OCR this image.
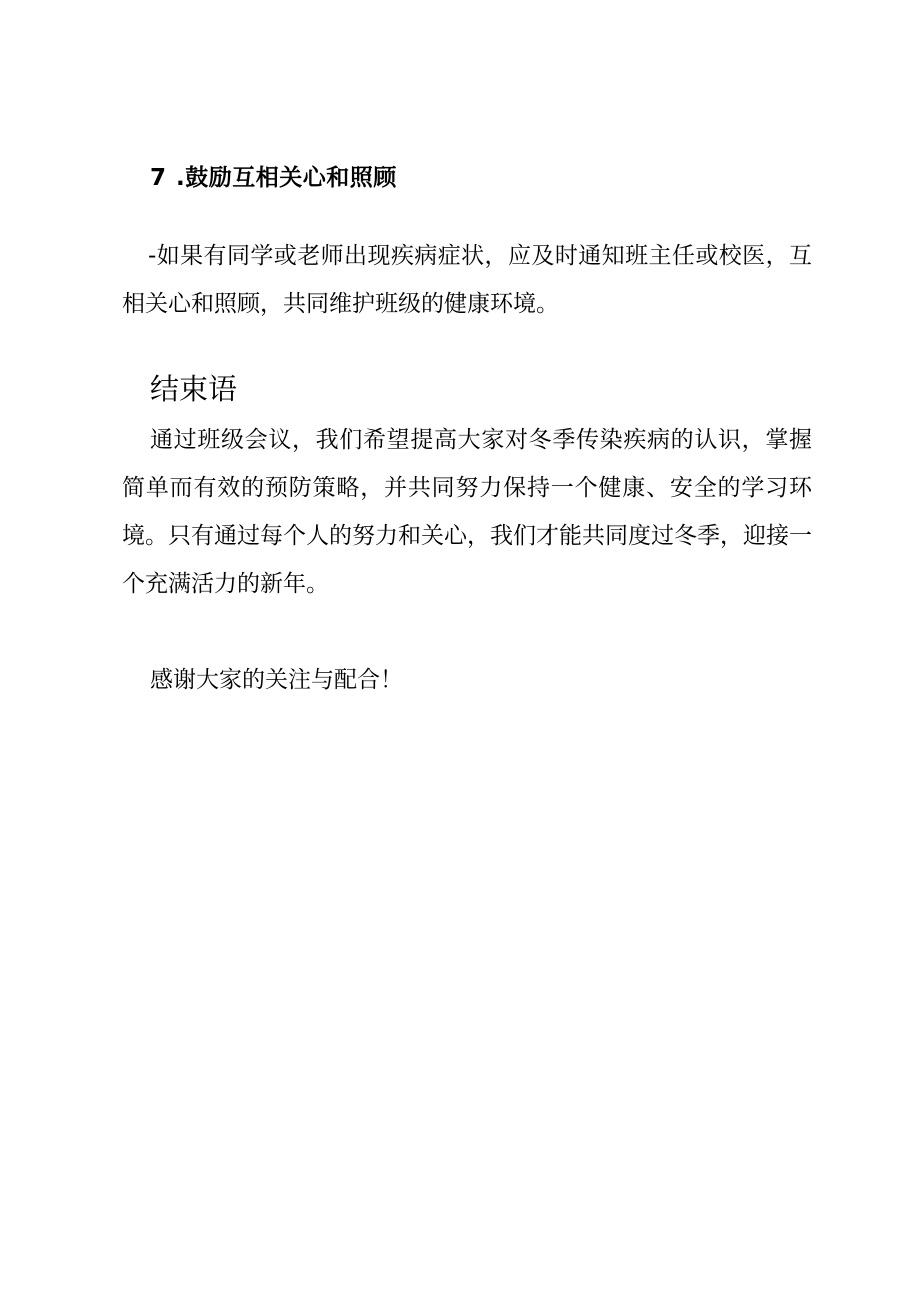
7 .鼓励互相关心和照顾

-如果有同学或老师出现疾病症状，应及时通知班主任或校医，互相关心和照顾，共同维护班级的健康环境。

结束语

通过班级会议，我们希望提高大家对冬季传染疾病的认识，掌握简单而有效的预防策略，并共同努力保持一个健康、安全的学习环境。只有通过每个人的努力和关心，我们才能共同度过冬季，迎接一个充满活力的新年。

感谢大家的关注与配合！
